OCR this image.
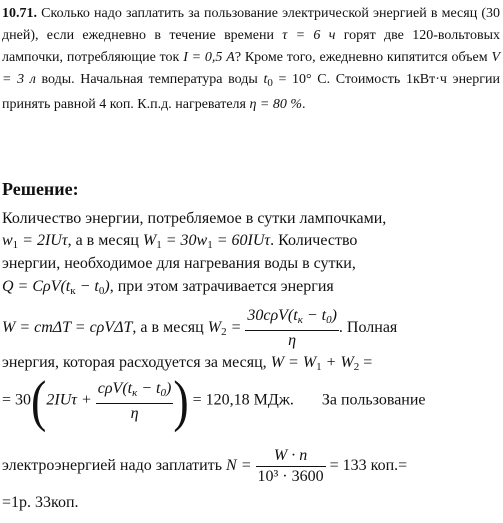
10.71. Сколько надо заплатить за пользование электрической энергией в месяц (30 дней), если ежедневно в течение времени τ = 6 ч горят две 120-вольтовых лампочки, потребляющие ток I = 0,5 А? Кроме того, ежедневно кипятится объем V = 3 л воды. Начальная температура воды $t_0 = 10^\circ$ С. Стоимость 1кВт·ч энергии принять равной 4 коп. К.п.д. нагревателя η = 80 %.
Решение:
Количество энергии, потребляемое в сутки лампочками,
$w_1 = 2IU\tau$, а в месяц $W_1 = 30w_1 = 60IU\tau$. Количество
энергии, необходимое для нагревания воды в сутки,
$Q = C\rho V(t_к - t_0)$, при этом затрачивается энергия
W = cmΔT = cρVΔT, а в месяц $W_2 = \frac{30c\rho V(t_к - t_0)}{\eta}$ . Полная
энергия, которая расходуется за месяц, $W = W_1 + W_2$ =
= $30(2IU\tau + \frac{c\rho V(t_к - t_0)}{\eta}$ ) = 120,18 МДж. За пользование
электроэнергией надо заплатить $N = \frac{W \cdot n}{\text{10³ · 3600}} = 133$ коп.=
=1р. 33коп.
